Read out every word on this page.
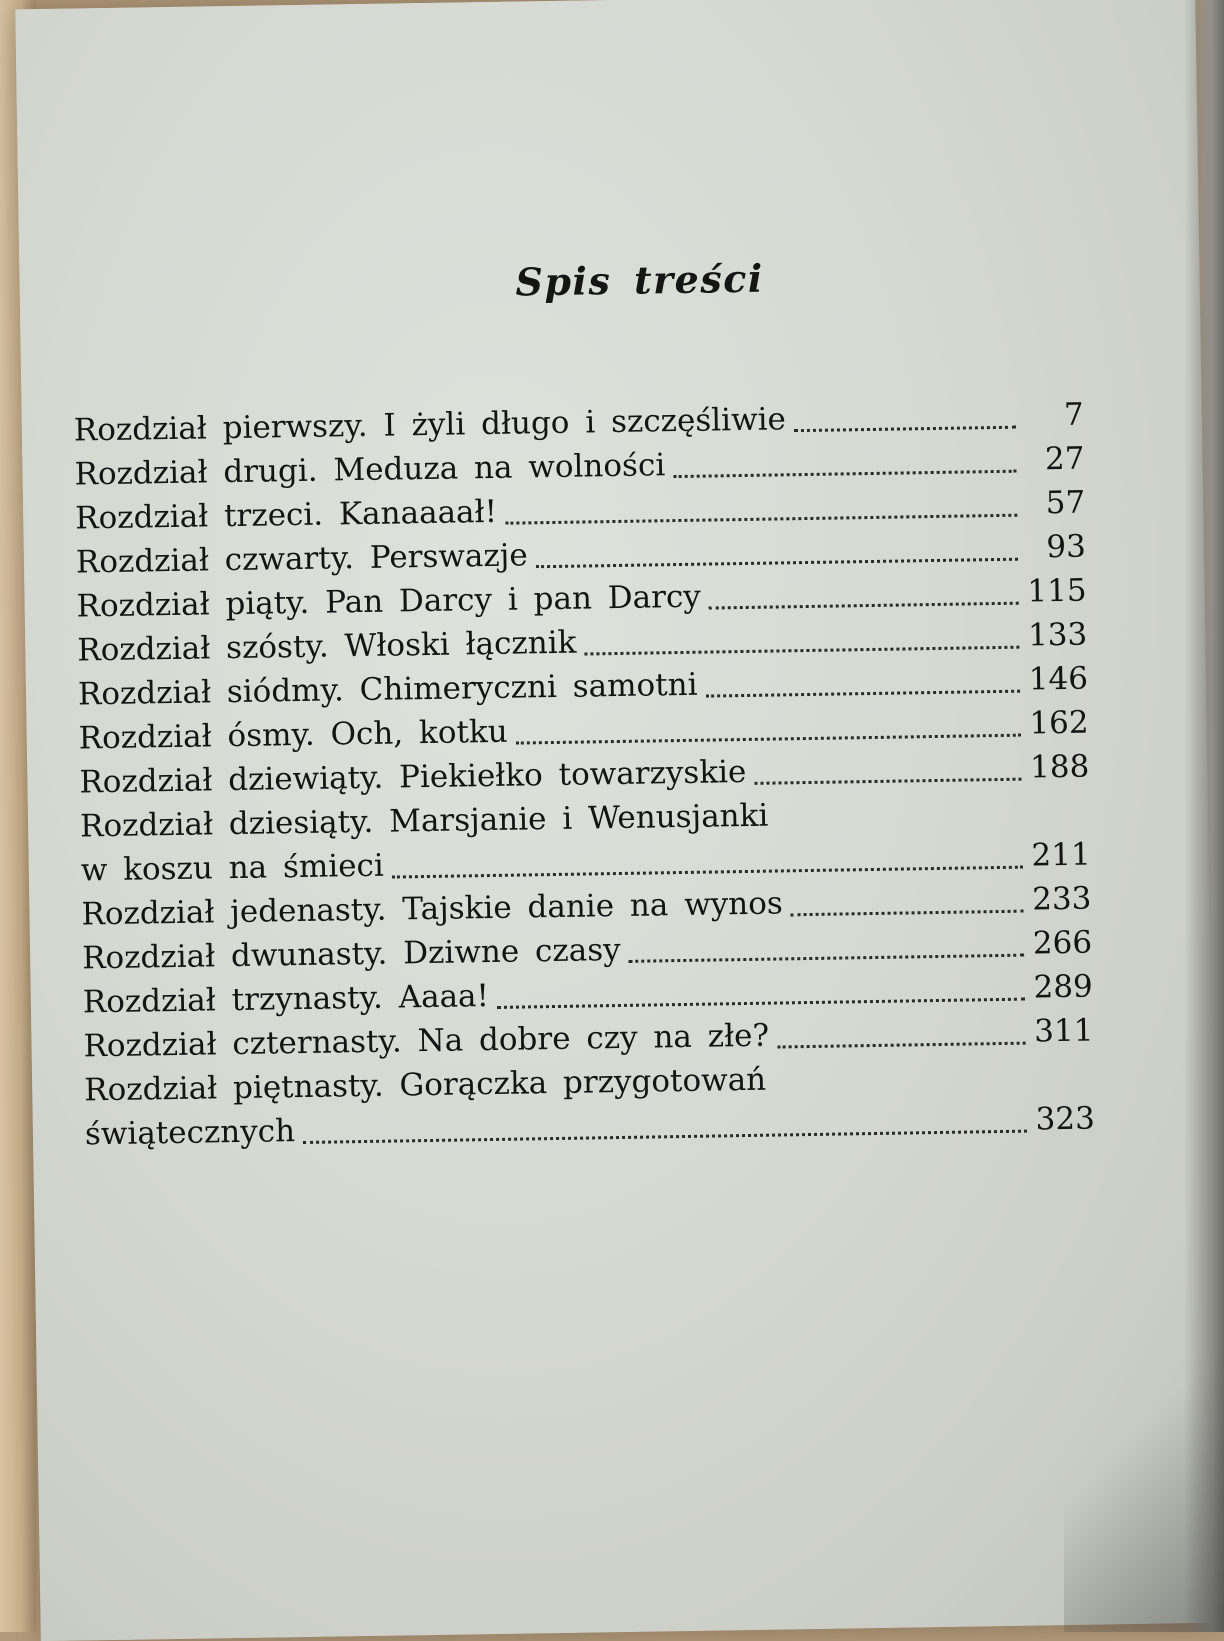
Spis treści
Rozdział pierwszy. I żyli długo i szczęśliwie	7
Rozdział drugi. Meduza na wolności	27
Rozdział trzeci. Kanaaaał!	57
Rozdział czwarty. Perswazje	93
Rozdział piąty. Pan Darcy i pan Darcy	115
Rozdział szósty. Włoski łącznik	133
Rozdział siódmy. Chimeryczni samotni	146
Rozdział ósmy. Och, kotku	162
Rozdział dziewiąty. Piekiełko towarzyskie	188
Rozdział dziesiąty. Marsjanie i Wenusjanki
w koszu na śmieci	211
Rozdział jedenasty. Tajskie danie na wynos	233
Rozdział dwunasty. Dziwne czasy	266
Rozdział trzynasty. Aaaa!	289
Rozdział czternasty. Na dobre czy na złe?	311
Rozdział piętnasty. Gorączka przygotowań
świątecznych	323
